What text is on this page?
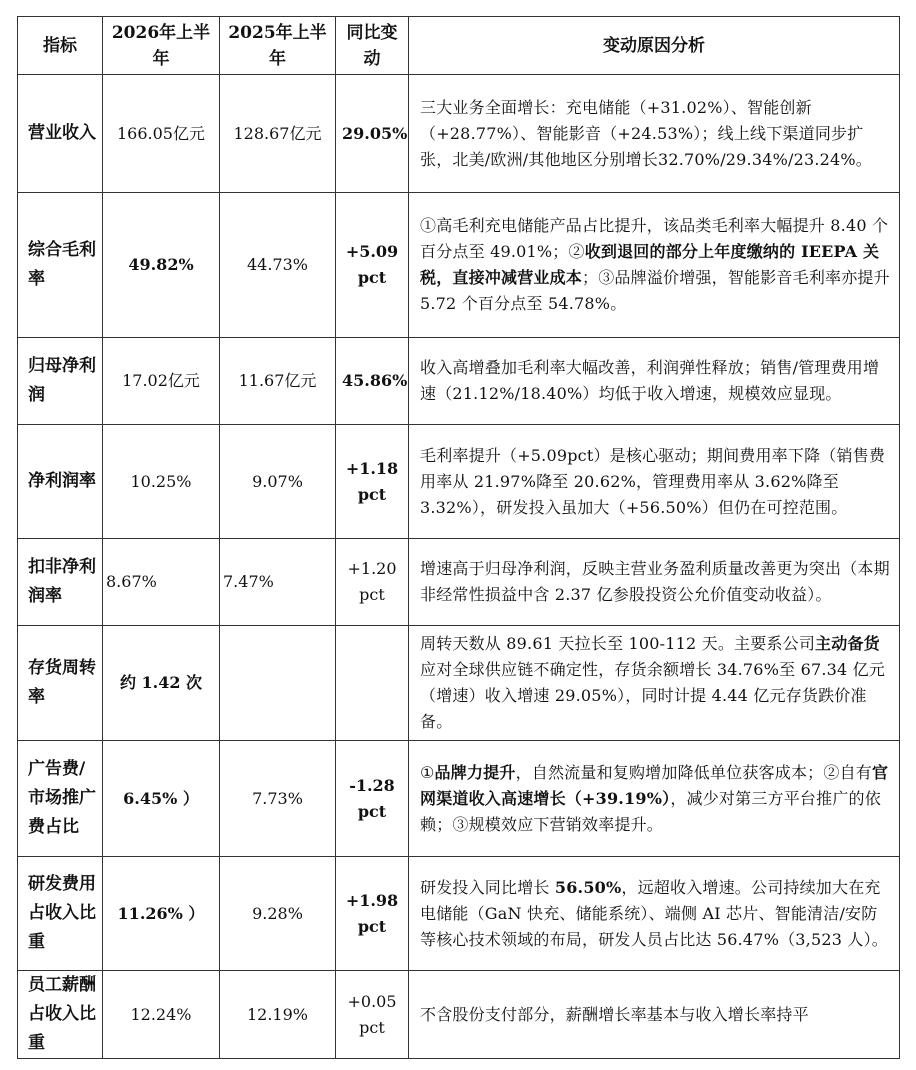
指标	2026年上半年	2025年上半年	同比变动	变动原因分析
营业收入	166.05亿元	128.67亿元	29.05%	三大业务全面增长：充电储能（+31.02%）、智能创新（+28.77%）、智能影音（+24.53%）；线上线下渠道同步扩张，北美/欧洲/其他地区分别增长32.70%/29.34%/23.24%。
综合毛利率	49.82%	44.73%	+5.09 pct	①高毛利充电储能产品占比提升，该品类毛利率大幅提升 8.40 个百分点至 49.01%；②收到退回的部分上年度缴纳的 IEEPA 关税，直接冲减营业成本；③品牌溢价增强，智能影音毛利率亦提升 5.72 个百分点至 54.78%。
归母净利润	17.02亿元	11.67亿元	45.86%	收入高增叠加毛利率大幅改善，利润弹性释放；销售/管理费用增速（21.12%/18.40%）均低于收入增速，规模效应显现。
净利润率	10.25%	9.07%	+1.18 pct	毛利率提升（+5.09pct）是核心驱动；期间费用率下降（销售费用率从 21.97%降至 20.62%，管理费用率从 3.62%降至 3.32%），研发投入虽加大（+56.50%）但仍在可控范围。
扣非净利润率	8.67%	7.47%	+1.20 pct	增速高于归母净利润，反映主营业务盈利质量改善更为突出（本期非经常性损益中含 2.37 亿参股投资公允价值变动收益）。
存货周转率	约 1.42 次			周转天数从 89.61 天拉长至 100-112 天。主要系公司主动备货应对全球供应链不确定性，存货余额增长 34.76%至 67.34 亿元（增速）收入增速 29.05%），同时计提 4.44 亿元存货跌价准备。
广告费/市场推广费占比	6.45% ）	7.73%	-1.28 pct	①品牌力提升，自然流量和复购增加降低单位获客成本；②自有官网渠道收入高速增长（+39.19%），减少对第三方平台推广的依赖；③规模效应下营销效率提升。
研发费用占收入比重	11.26% ）	9.28%	+1.98 pct	研发投入同比增长 56.50%，远超收入增速。公司持续加大在充电储能（GaN 快充、储能系统）、端侧 AI 芯片、智能清洁/安防等核心技术领域的布局，研发人员占比达 56.47%（3,523 人）。
员工薪酬占收入比重	12.24%	12.19%	+0.05 pct	不含股份支付部分，薪酬增长率基本与收入增长率持平
